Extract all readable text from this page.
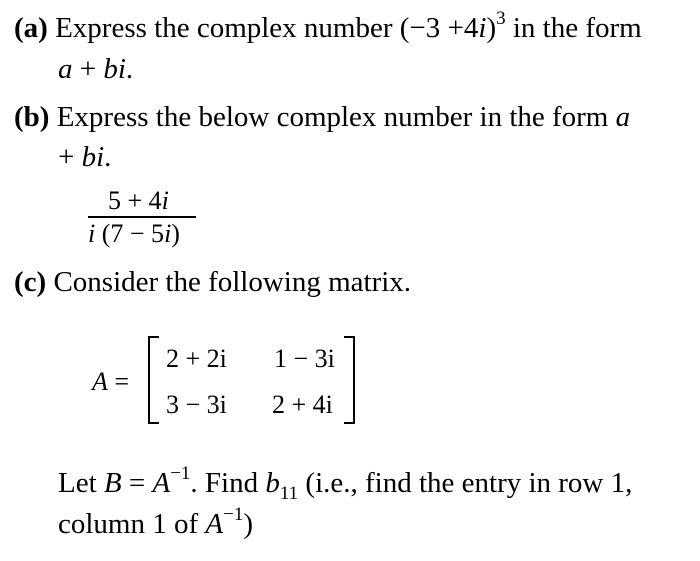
(a) Express the complex number $(-3 +4i)^3$ in the form
a + bi.
(b) Express the below complex number in the form a
+ bi.
5 + 4i
i (7 − 5i)
(c) Consider the following matrix.
A =
2 + 2i 1 − 3i
3 − 3i 2 + 4i
Let $B = A^{-1}$. Find $b_{11}$ (i.e., find the entry in row 1,
column 1 of $A^{-1}$)
